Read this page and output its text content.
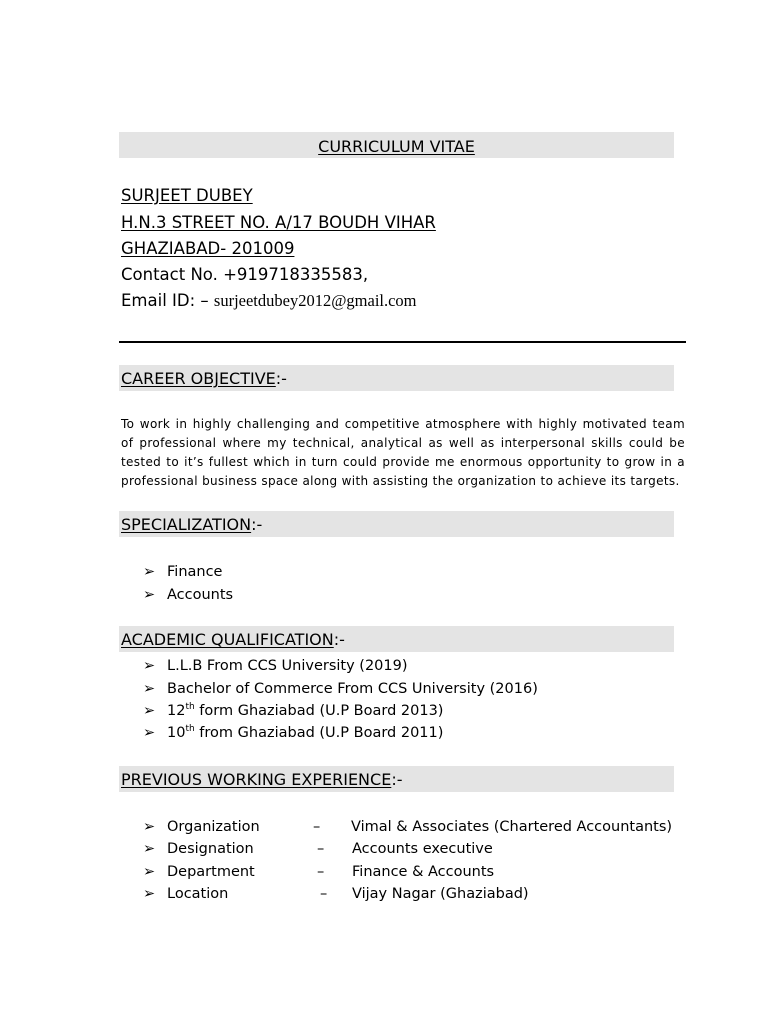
CURRICULUM VITAE
SURJEET DUBEY
H.N.3 STREET NO. A/17 BOUDH VIHAR
GHAZIABAD- 201009
Contact No. +919718335583,
Email ID: – surjeetdubey2012@gmail.com
CAREER OBJECTIVE:-

To work in highly challenging and competitive atmosphere with highly motivated team of professional where my technical, analytical as well as interpersonal skills could be tested to it’s fullest which in turn could provide me enormous opportunity to grow in a professional business space along with assisting the organization to achieve its targets.

SPECIALIZATION:-
➢ Finance
➢ Accounts
ACADEMIC QUALIFICATION:-
➢ L.L.B From CCS University (2019)
➢ Bachelor of Commerce From CCS University (2016)
➢ 12th form Ghaziabad (U.P Board 2013)
➢ 10th from Ghaziabad (U.P Board 2011)
PREVIOUS WORKING EXPERIENCE:-
➢ Organization	– Vimal & Associates (Chartered Accountants)
➢ Designation	– Accounts executive
➢ Department	– Finance & Accounts
➢ Location	– Vijay Nagar (Ghaziabad)
